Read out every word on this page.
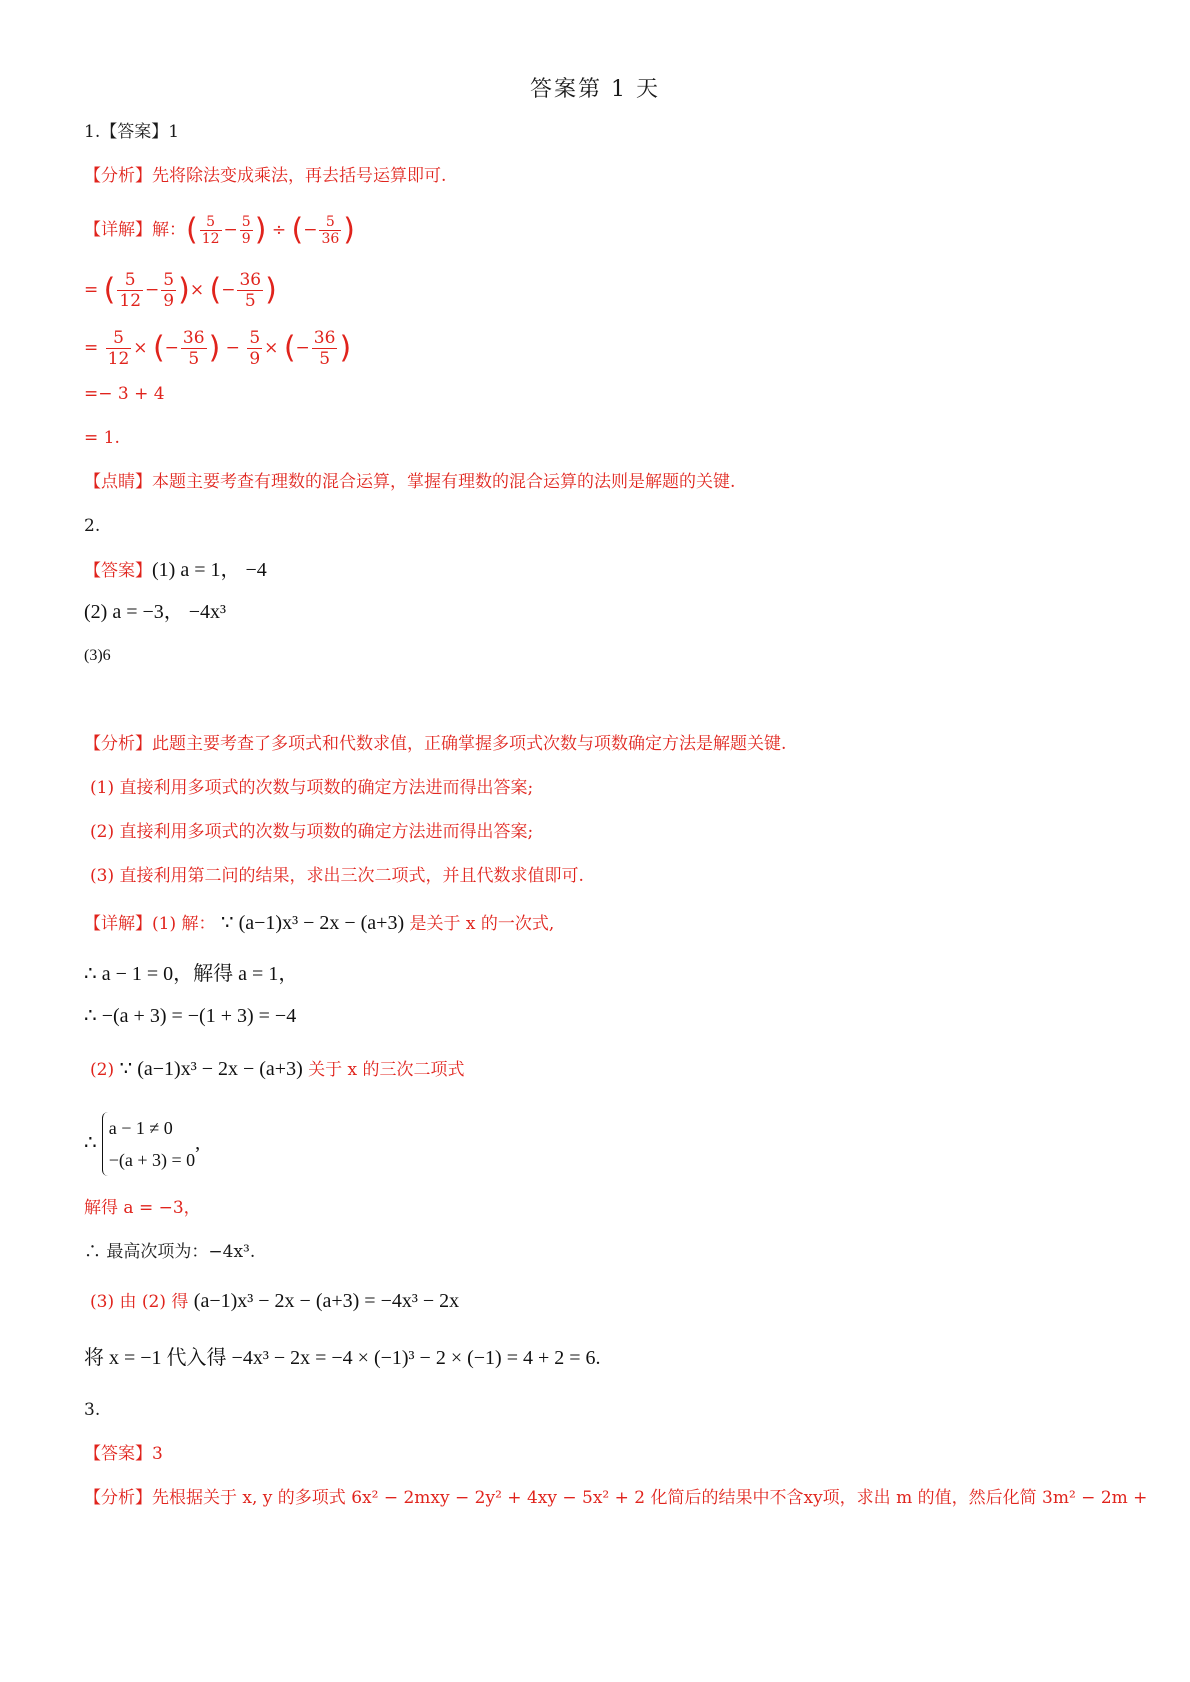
答案第 1 天
1.【答案】1
【分析】先将除法变成乘法，再去括号运算即可.
【详解】解：( $\frac{5}{12} - \frac{5}{9}$ ) ÷ (− $\frac{5}{36}$ )
= ( $\frac{5}{12} - \frac{5}{9}$ )× (− $\frac{36}{5}$ )
= $\frac{5}{12}$ × (− $\frac{36}{5}$ ) − $\frac{5}{9}$ × (− $\frac{36}{5}$ )
=− 3 + 4
= 1.
【点睛】本题主要考查有理数的混合运算，掌握有理数的混合运算的法则是解题的关键.
2.
【答案】(1) a = 1， −4
(2) a = −3， −4x³
(3)6
【分析】此题主要考查了多项式和代数求值，正确掌握多项式次数与项数确定方法是解题关键.
(1) 直接利用多项式的次数与项数的确定方法进而得出答案;
(2) 直接利用多项式的次数与项数的确定方法进而得出答案;
(3) 直接利用第二问的结果，求出三次二项式，并且代数求值即可.
【详解】(1) 解： ∵ (a−1)x³ − 2x − (a+3) 是关于 x 的一次式,
∴ a − 1 = 0，解得 a = 1，
∴ −(a + 3) = −(1 + 3) = −4
(2) ∵ (a−1)x³ − 2x − (a+3) 关于 x 的三次二项式
∴
a − 1 ≠ 0
−(a + 3) = 0
,
解得 a = −3，
∴ 最高次项为：−4x³.
(3) 由 (2) 得 (a−1)x³ − 2x − (a+3) = −4x³ − 2x
将 x = −1 代入得 −4x³ − 2x = −4 × (−1)³ − 2 × (−1) = 4 + 2 = 6.
3.
【答案】3
【分析】先根据关于 x, y 的多项式 6x² − 2mxy − 2y² + 4xy − 5x² + 2 化简后的结果中不含xy项，求出 m 的值，然后化简 3m² − 2m +
